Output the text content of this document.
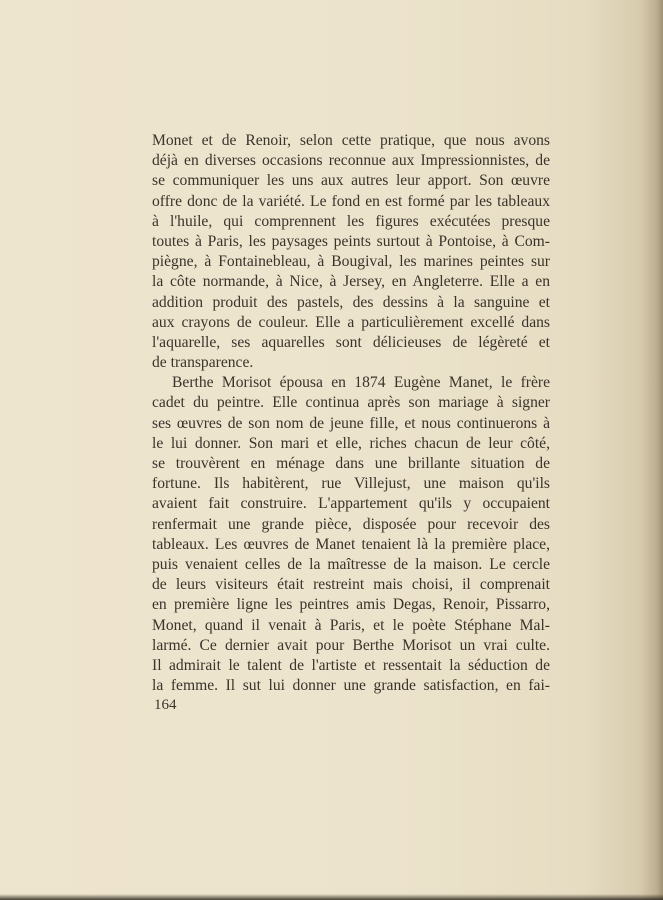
Monet et de Renoir, selon cette pratique, que nous avons
déjà en diverses occasions reconnue aux Impressionnistes, de
se communiquer les uns aux autres leur apport. Son œuvre
offre donc de la variété. Le fond en est formé par les tableaux
à l'huile, qui comprennent les figures exécutées presque
toutes à Paris, les paysages peints surtout à Pontoise, à Com-
piègne, à Fontainebleau, à Bougival, les marines peintes sur
la côte normande, à Nice, à Jersey, en Angleterre. Elle a en
addition produit des pastels, des dessins à la sanguine et
aux crayons de couleur. Elle a particulièrement excellé dans
l'aquarelle, ses aquarelles sont délicieuses de légèreté et
de transparence.
Berthe Morisot épousa en 1874 Eugène Manet, le frère
cadet du peintre. Elle continua après son mariage à signer
ses œuvres de son nom de jeune fille, et nous continuerons à
le lui donner. Son mari et elle, riches chacun de leur côté,
se trouvèrent en ménage dans une brillante situation de
fortune. Ils habitèrent, rue Villejust, une maison qu'ils
avaient fait construire. L'appartement qu'ils y occupaient
renfermait une grande pièce, disposée pour recevoir des
tableaux. Les œuvres de Manet tenaient là la première place,
puis venaient celles de la maîtresse de la maison. Le cercle
de leurs visiteurs était restreint mais choisi, il comprenait
en première ligne les peintres amis Degas, Renoir, Pissarro,
Monet, quand il venait à Paris, et le poète Stéphane Mal-
larmé. Ce dernier avait pour Berthe Morisot un vrai culte.
Il admirait le talent de l'artiste et ressentait la séduction de
la femme. Il sut lui donner une grande satisfaction, en fai-
164
